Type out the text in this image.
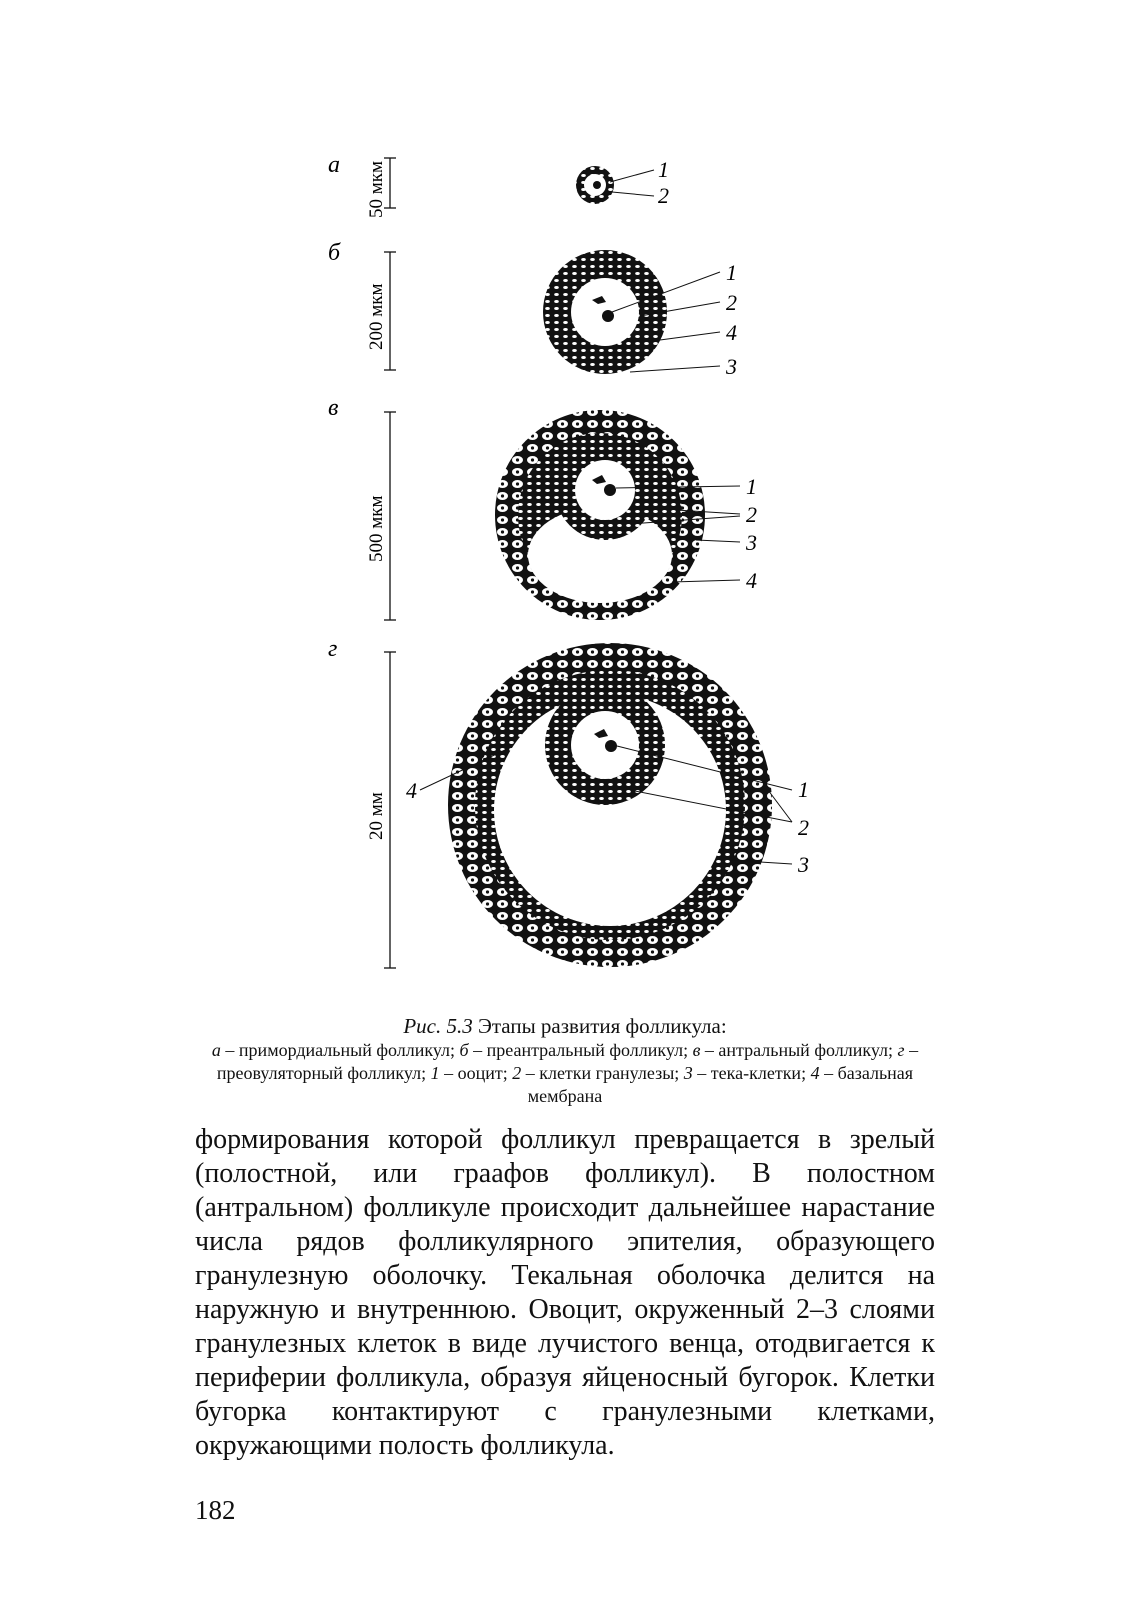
а 50 мкм	1
2
б
200 мкм
1
2
4
3
в
500 мкм
1
2
3
4
г
20 мм
4	1
2
3
Рис. 5.3 Этапы развития фолликула:
а – примордиальный фолликул; б – преантральный фолликул; в – антральный фолликул; г – преовуляторный фолликул; 1 – ооцит; 2 – клетки гранулезы; 3 – тека-клетки; 4 – базальная мембрана

формирования которой фолликул превращается в зрелый (полостной, или граафов фолликул). В полостном (антральном) фолликуле происходит дальнейшее нарастание числа рядов фолликулярного эпителия, образующего гранулезную оболочку. Текальная оболочка делится на наружную и внутреннюю. Овоцит, окруженный 2–3 слоями гранулезных клеток в виде лучистого венца, отодвигается к периферии фолликула, образуя яйценосный бугорок. Клетки бугорка контактируют с гранулезными клетками, окружающими полость фолликула.

182
